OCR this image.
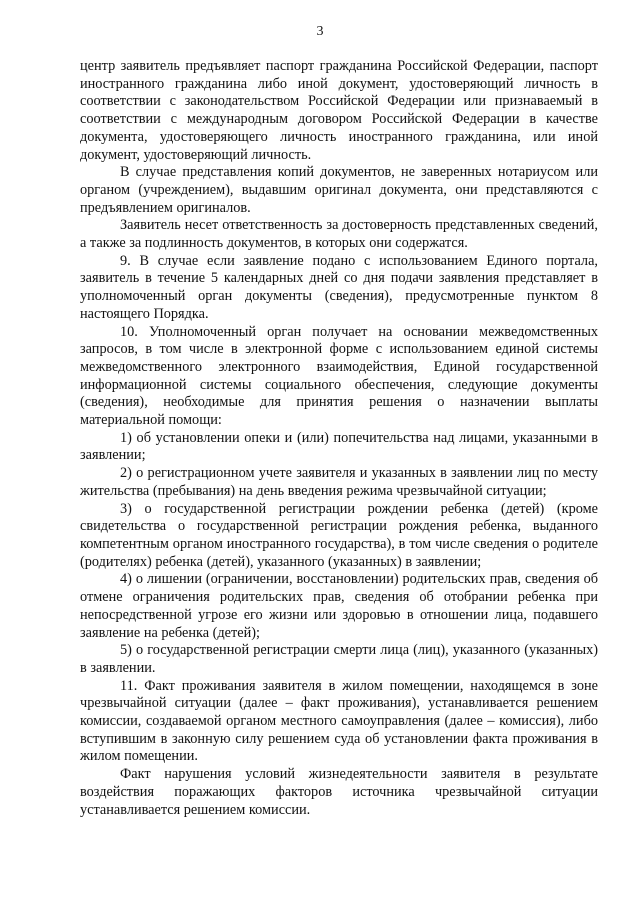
3

центр заявитель предъявляет паспорт гражданина Российской Федерации, паспорт иностранного гражданина либо иной документ, удостоверяющий личность в соответствии с законодательством Российской Федерации или признаваемый в соответствии с международным договором Российской Федерации в качестве документа, удостоверяющего личность иностранного гражданина, или иной документ, удостоверяющий личность.

В случае представления копий документов, не заверенных нотариусом или органом (учреждением), выдавшим оригинал документа, они представляются с предъявлением оригиналов.

Заявитель несет ответственность за достоверность представленных сведений, а также за подлинность документов, в которых они содержатся.

9. В случае если заявление подано с использованием Единого портала, заявитель в течение 5 календарных дней со дня подачи заявления представляет в уполномоченный орган документы (сведения), предусмотренные пунктом 8 настоящего Порядка.

10. Уполномоченный орган получает на основании межведомственных запросов, в том числе в электронной форме с использованием единой системы межведомственного электронного взаимодействия, Единой государственной информационной системы социального обеспечения, следующие документы (сведения), необходимые для принятия решения о назначении выплаты материальной помощи:

1) об установлении опеки и (или) попечительства над лицами, указанными в заявлении;

2) о регистрационном учете заявителя и указанных в заявлении лиц по месту жительства (пребывания) на день введения режима чрезвычайной ситуации;

3) о государственной регистрации рождении ребенка (детей) (кроме свидетельства о государственной регистрации рождения ребенка, выданного компетентным органом иностранного государства), в том числе сведения о родителе (родителях) ребенка (детей), указанного (указанных) в заявлении;

4) о лишении (ограничении, восстановлении) родительских прав, сведения об отмене ограничения родительских прав, сведения об отобрании ребенка при непосредственной угрозе его жизни или здоровью в отношении лица, подавшего заявление на ребенка (детей);

5) о государственной регистрации смерти лица (лиц), указанного (указанных) в заявлении.

11. Факт проживания заявителя в жилом помещении, находящемся в зоне чрезвычайной ситуации (далее – факт проживания), устанавливается решением комиссии, создаваемой органом местного самоуправления (далее – комиссия), либо вступившим в законную силу решением суда об установлении факта проживания в жилом помещении.

Факт нарушения условий жизнедеятельности заявителя в результате воздействия поражающих факторов источника чрезвычайной ситуации устанавливается решением комиссии.
